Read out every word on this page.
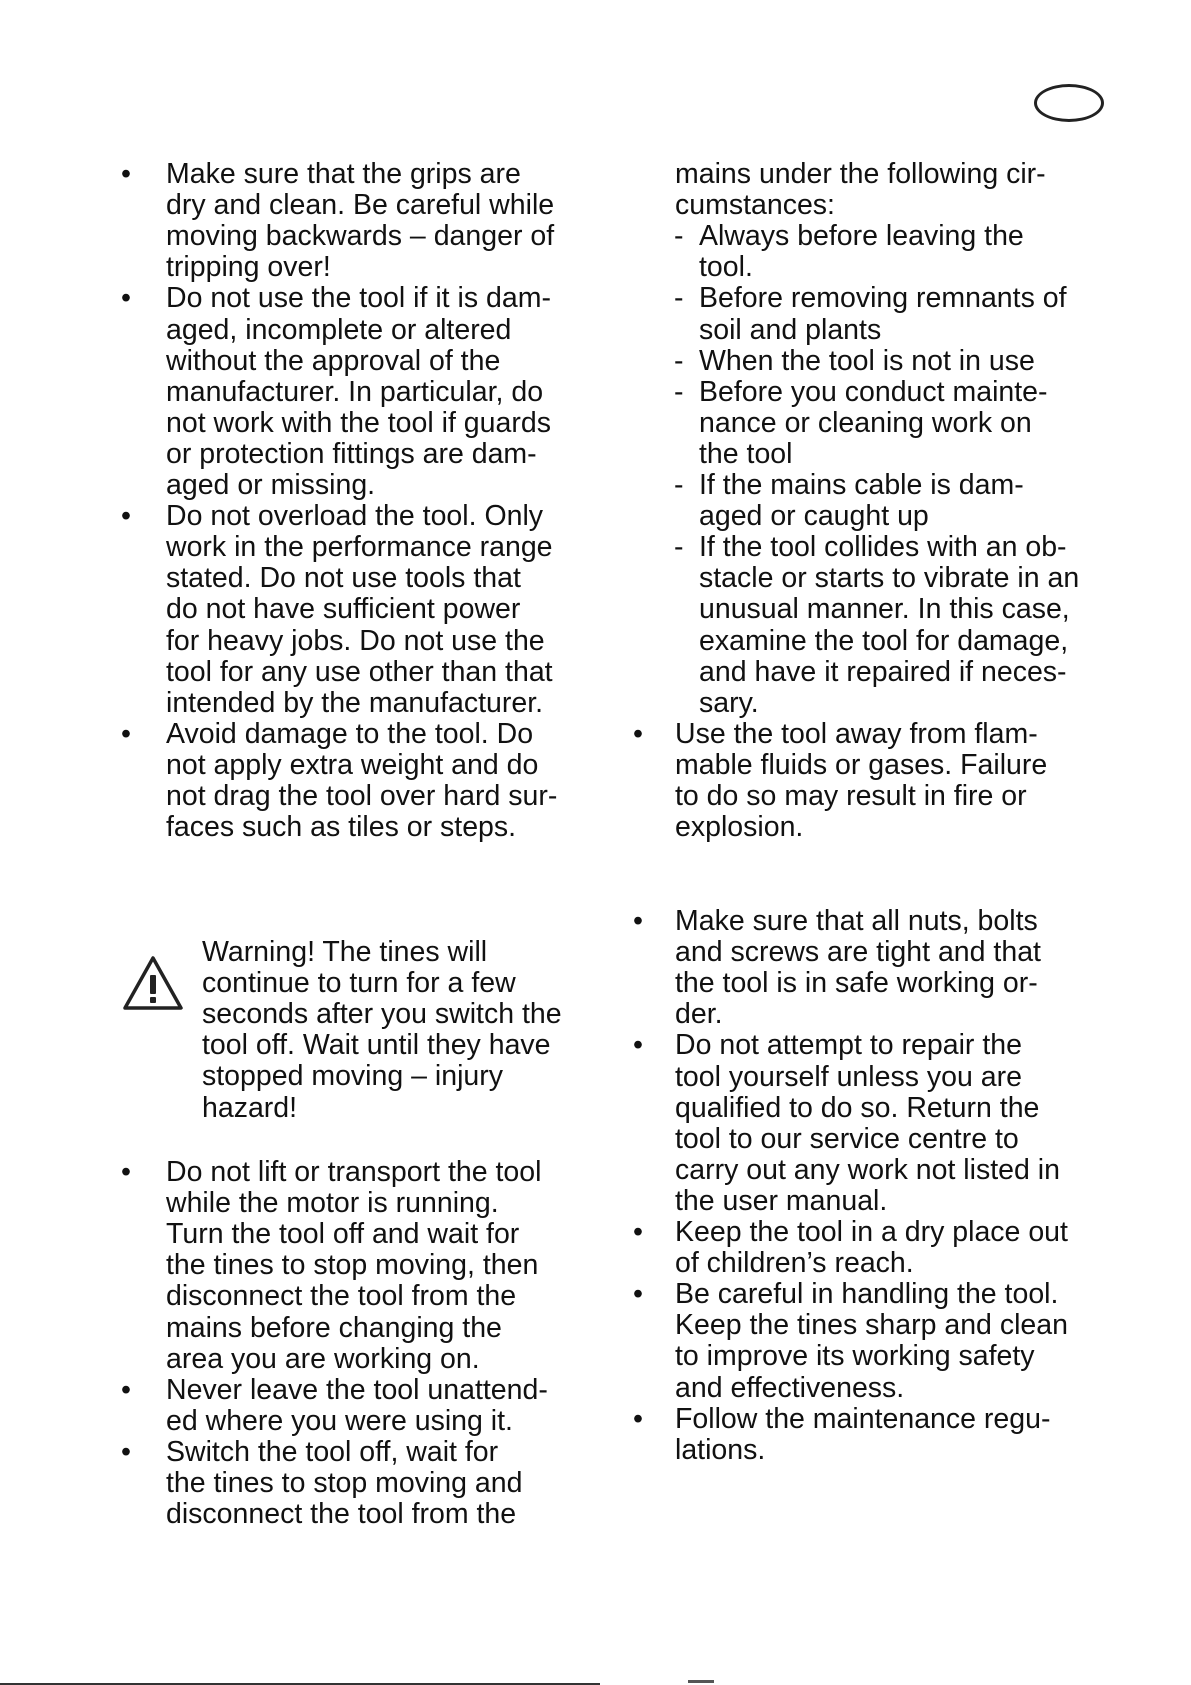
• Make sure that the grips are
dry and clean. Be careful while
moving backwards – danger of
tripping over!
• Do not use the tool if it is dam-
aged, incomplete or altered
without the approval of the
manufacturer. In particular, do
not work with the tool if guards
or protection fittings are dam-
aged or missing.
• Do not overload the tool. Only
work in the performance range
stated. Do not use tools that
do not have sufficient power
for heavy jobs. Do not use the
tool for any use other than that
intended by the manufacturer.
• Avoid damage to the tool. Do
not apply extra weight and do
not drag the tool over hard sur-
faces such as tiles or steps.
Warning! The tines will
continue to turn for a few
seconds after you switch the
tool off. Wait until they have
stopped moving – injury
hazard!
• Do not lift or transport the tool
while the motor is running.
Turn the tool off and wait for
the tines to stop moving, then
disconnect the tool from the
mains before changing the
area you are working on.
• Never leave the tool unattend-
ed where you were using it.
• Switch the tool off, wait for
the tines to stop moving and
disconnect the tool from the
mains under the following cir-
cumstances:
- Always before leaving the
tool.
- Before removing remnants of
soil and plants
- When the tool is not in use
- Before you conduct mainte-
nance or cleaning work on
the tool
- If the mains cable is dam-
aged or caught up
- If the tool collides with an ob-
stacle or starts to vibrate in an
unusual manner. In this case,
examine the tool for damage,
and have it repaired if neces-
sary.
• Use the tool away from flam-
mable fluids or gases. Failure
to do so may result in fire or
explosion.
• Make sure that all nuts, bolts
and screws are tight and that
the tool is in safe working or-
der.
• Do not attempt to repair the
tool yourself unless you are
qualified to do so. Return the
tool to our service centre to
carry out any work not listed in
the user manual.
• Keep the tool in a dry place out
of children’s reach.
• Be careful in handling the tool.
Keep the tines sharp and clean
to improve its working safety
and effectiveness.
• Follow the maintenance regu-
lations.
